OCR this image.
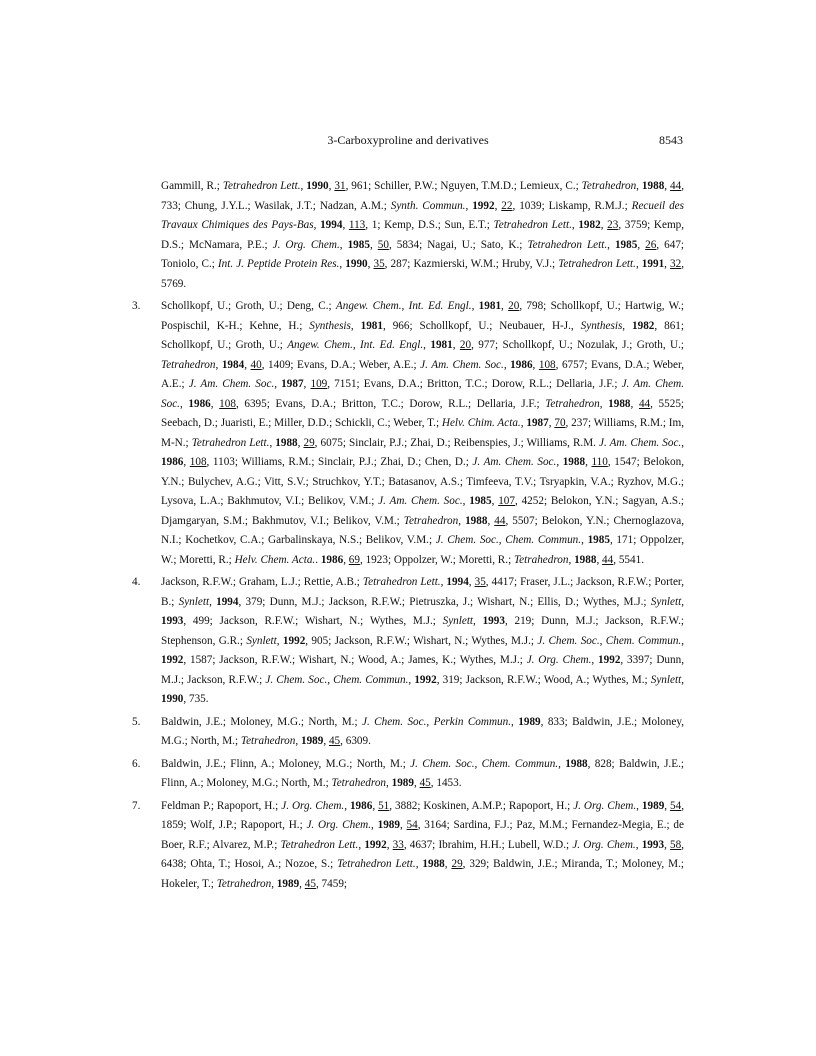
3-Carboxyproline and derivatives	8543
Gammill, R.; Tetrahedron Lett., 1990, 31, 961; Schiller, P.W.; Nguyen, T.M.D.; Lemieux, C.; Tetrahedron, 1988, 44, 733; Chung, J.Y.L.; Wasilak, J.T.; Nadzan, A.M.; Synth. Commun., 1992, 22, 1039; Liskamp, R.M.J.; Recueil des Travaux Chimiques des Pays-Bas, 1994, 113, 1; Kemp, D.S.; Sun, E.T.; Tetrahedron Lett., 1982, 23, 3759; Kemp, D.S.; McNamara, P.E.; J. Org. Chem., 1985, 50, 5834; Nagai, U.; Sato, K.; Tetrahedron Lett., 1985, 26, 647; Toniolo, C.; Int. J. Peptide Protein Res., 1990, 35, 287; Kazmierski, W.M.; Hruby, V.J.; Tetrahedron Lett., 1991, 32, 5769.
3.	Schollkopf, U.; Groth, U.; Deng, C.; Angew. Chem., Int. Ed. Engl., 1981, 20, 798; Schollkopf, U.; Hartwig, W.; Pospischil, K-H.; Kehne, H.; Synthesis, 1981, 966; Schollkopf, U.; Neubauer, H-J., Synthesis, 1982, 861; Schollkopf, U.; Groth, U.; Angew. Chem., Int. Ed. Engl., 1981, 20, 977; Schollkopf, U.; Nozulak, J.; Groth, U.; Tetrahedron, 1984, 40, 1409; Evans, D.A.; Weber, A.E.; J. Am. Chem. Soc., 1986, 108, 6757; Evans, D.A.; Weber, A.E.; J. Am. Chem. Soc., 1987, 109, 7151; Evans, D.A.; Britton, T.C.; Dorow, R.L.; Dellaria, J.F.; J. Am. Chem. Soc., 1986, 108, 6395; Evans, D.A.; Britton, T.C.; Dorow, R.L.; Dellaria, J.F.; Tetrahedron, 1988, 44, 5525; Seebach, D.; Juaristi, E.; Miller, D.D.; Schickli, C.; Weber, T.; Helv. Chim. Acta., 1987, 70, 237; Williams, R.M.; Im, M-N.; Tetrahedron Lett., 1988, 29, 6075; Sinclair, P.J.; Zhai, D.; Reibenspies, J.; Williams, R.M. J. Am. Chem. Soc., 1986, 108, 1103; Williams, R.M.; Sinclair, P.J.; Zhai, D.; Chen, D.; J. Am. Chem. Soc., 1988, 110, 1547; Belokon, Y.N.; Bulychev, A.G.; Vitt, S.V.; Struchkov, Y.T.; Batasanov, A.S.; Timfeeva, T.V.; Tsryapkin, V.A.; Ryzhov, M.G.; Lysova, L.A.; Bakhmutov, V.I.; Belikov, V.M.; J. Am. Chem. Soc., 1985, 107, 4252; Belokon, Y.N.; Sagyan, A.S.; Djamgaryan, S.M.; Bakhmutov, V.I.; Belikov, V.M.; Tetrahedron, 1988, 44, 5507; Belokon, Y.N.; Chernoglazova, N.I.; Kochetkov, C.A.; Garbalinskaya, N.S.; Belikov, V.M.; J. Chem. Soc., Chem. Commun., 1985, 171; Oppolzer, W.; Moretti, R.; Helv. Chem. Acta.. 1986, 69, 1923; Oppolzer, W.; Moretti, R.; Tetrahedron, 1988, 44, 5541.
4.	Jackson, R.F.W.; Graham, L.J.; Rettie, A.B.; Tetrahedron Lett., 1994, 35, 4417; Fraser, J.L.; Jackson, R.F.W.; Porter, B.; Synlett, 1994, 379; Dunn, M.J.; Jackson, R.F.W.; Pietruszka, J.; Wishart, N.; Ellis, D.; Wythes, M.J.; Synlett, 1993, 499; Jackson, R.F.W.; Wishart, N.; Wythes, M.J.; Synlett, 1993, 219; Dunn, M.J.; Jackson, R.F.W.; Stephenson, G.R.; Synlett, 1992, 905; Jackson, R.F.W.; Wishart, N.; Wythes, M.J.; J. Chem. Soc., Chem. Commun., 1992, 1587; Jackson, R.F.W.; Wishart, N.; Wood, A.; James, K.; Wythes, M.J.; J. Org. Chem., 1992, 3397; Dunn, M.J.; Jackson, R.F.W.; J. Chem. Soc., Chem. Commun., 1992, 319; Jackson, R.F.W.; Wood, A.; Wythes, M.; Synlett, 1990, 735.
5.	Baldwin, J.E.; Moloney, M.G.; North, M.; J. Chem. Soc., Perkin Commun., 1989, 833; Baldwin, J.E.; Moloney, M.G.; North, M.; Tetrahedron, 1989, 45, 6309.
6.	Baldwin, J.E.; Flinn, A.; Moloney, M.G.; North, M.; J. Chem. Soc., Chem. Commun., 1988, 828; Baldwin, J.E.; Flinn, A.; Moloney, M.G.; North, M.; Tetrahedron, 1989, 45, 1453.
7.	Feldman P.; Rapoport, H.; J. Org. Chem., 1986, 51, 3882; Koskinen, A.M.P.; Rapoport, H.; J. Org. Chem., 1989, 54, 1859; Wolf, J.P.; Rapoport, H.; J. Org. Chem., 1989, 54, 3164; Sardina, F.J.; Paz, M.M.; Fernandez-Megia, E.; de Boer, R.F.; Alvarez, M.P.; Tetrahedron Lett., 1992, 33, 4637; Ibrahim, H.H.; Lubell, W.D.; J. Org. Chem., 1993, 58, 6438; Ohta, T.; Hosoi, A.; Nozoe, S.; Tetrahedron Lett., 1988, 29, 329; Baldwin, J.E.; Miranda, T.; Moloney, M.; Hokeler, T.; Tetrahedron, 1989, 45, 7459;
